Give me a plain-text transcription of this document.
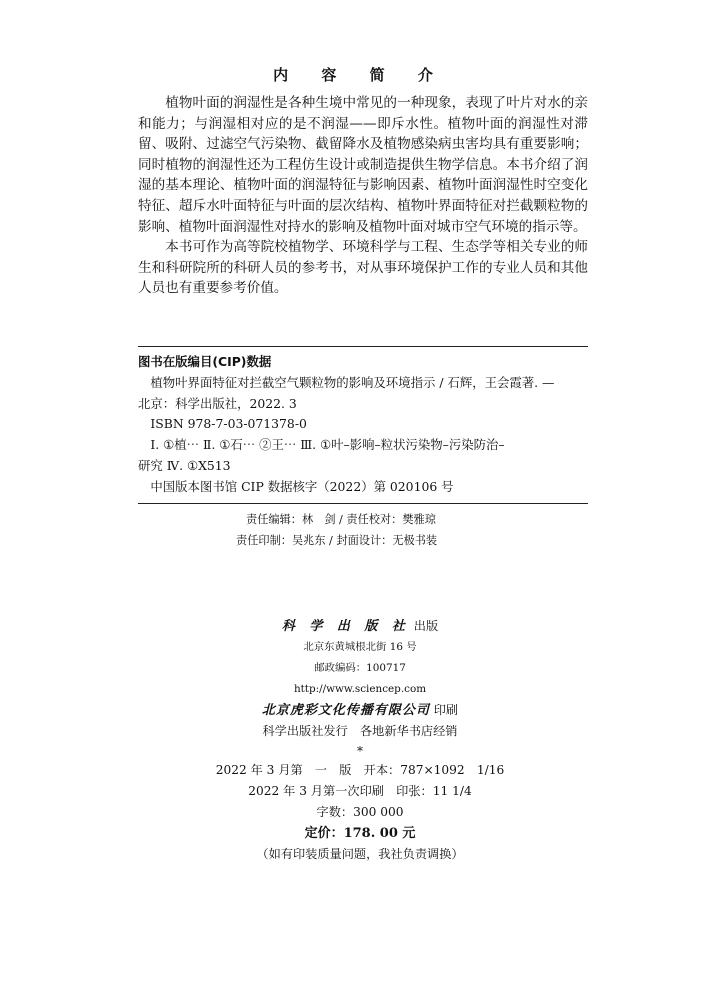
内 容 简 介

植物叶面的润湿性是各种生境中常见的一种现象，表现了叶片对水的亲和能力；与润湿相对应的是不润湿——即斥水性。植物叶面的润湿性对滞留、吸附、过滤空气污染物、截留降水及植物感染病虫害均具有重要影响；同时植物的润湿性还为工程仿生设计或制造提供生物学信息。本书介绍了润湿的基本理论、植物叶面的润湿特征与影响因素、植物叶面润湿性时空变化特征、超斥水叶面特征与叶面的层次结构、植物叶界面特征对拦截颗粒物的影响、植物叶面润湿性对持水的影响及植物叶面对城市空气环境的指示等。

本书可作为高等院校植物学、环境科学与工程、生态学等相关专业的师生和科研院所的科研人员的参考书，对从事环境保护工作的专业人员和其他人员也有重要参考价值。

图书在版编目(CIP)数据
植物叶界面特征对拦截空气颗粒物的影响及环境指示 / 石辉，王会霞著. —
北京：科学出版社，2022. 3
ISBN 978-7-03-071378-0
Ⅰ. ①植⋯ Ⅱ. ①石⋯ ②王⋯ Ⅲ. ①叶–影响–粒状污染物–污染防治–
研究 Ⅳ. ①X513
中国版本图书馆 CIP 数据核字（2022）第 020106 号
责任编辑：林　剑 / 责任校对：樊雅琼
责任印制：吴兆东 / 封面设计：无极书装
科 学 出 版 社 出版
北京东黄城根北街 16 号
邮政编码：100717
http://www.sciencep.com
北京虎彩文化传播有限公司 印刷
科学出版社发行　各地新华书店经销
*
2022 年 3 月第　一　版　开本：787×1092　1/16
2022 年 3 月第一次印刷　印张：11 1/4
字数：300 000
定价：178. 00 元
（如有印装质量问题，我社负责调换）
